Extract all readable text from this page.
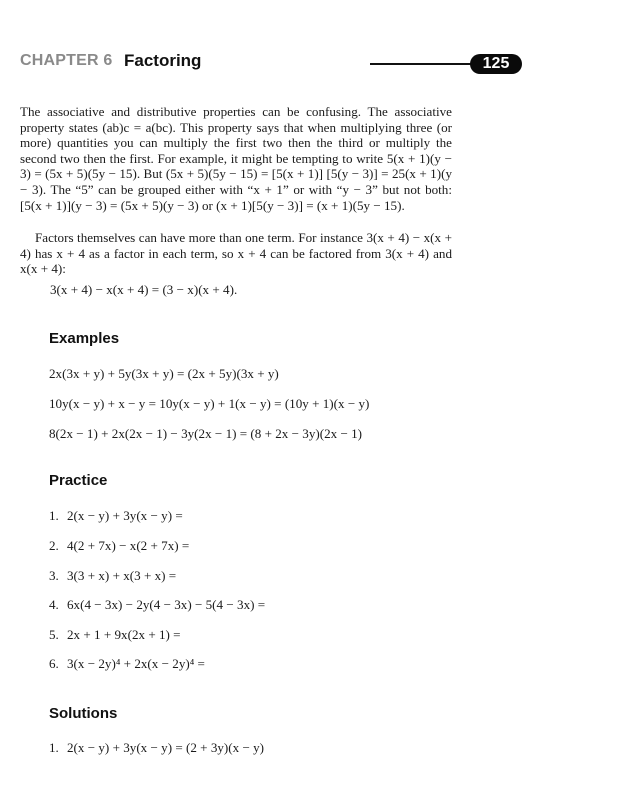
CHAPTER 6 Factoring	125
The associative and distributive properties can be confusing. The associative property states (ab)c = a(bc). This property says that when multiplying three (or more) quantities you can multiply the first two then the third or multiply the second two then the first. For example, it might be tempting to write 5(x + 1)(y − 3) = (5x + 5)(5y − 15). But (5x + 5)(5y − 15) = [5(x + 1)] [5(y − 3)] = 25(x + 1)(y − 3). The “5” can be grouped either with “x + 1” or with “y − 3” but not both: [5(x + 1)](y − 3) = (5x + 5)(y − 3) or (x + 1)[5(y − 3)] = (x + 1)(5y − 15).
Factors themselves can have more than one term. For instance 3(x + 4) − x(x + 4) has x + 4 as a factor in each term, so x + 4 can be factored from 3(x + 4) and x(x + 4):
3(x + 4) − x(x + 4) = (3 − x)(x + 4).
Examples
2x(3x + y) + 5y(3x + y) = (2x + 5y)(3x + y)
10y(x − y) + x − y = 10y(x − y) + 1(x − y) = (10y + 1)(x − y)
8(2x − 1) + 2x(2x − 1) − 3y(2x − 1) = (8 + 2x − 3y)(2x − 1)
Practice
1. 2(x − y) + 3y(x − y) =
2. 4(2 + 7x) − x(2 + 7x) =
3. 3(3 + x) + x(3 + x) =
4. 6x(4 − 3x) − 2y(4 − 3x) − 5(4 − 3x) =
5. 2x + 1 + 9x(2x + 1) =
6. 3(x − 2y)⁴ + 2x(x − 2y)⁴ =
Solutions
1. 2(x − y) + 3y(x − y) = (2 + 3y)(x − y)
